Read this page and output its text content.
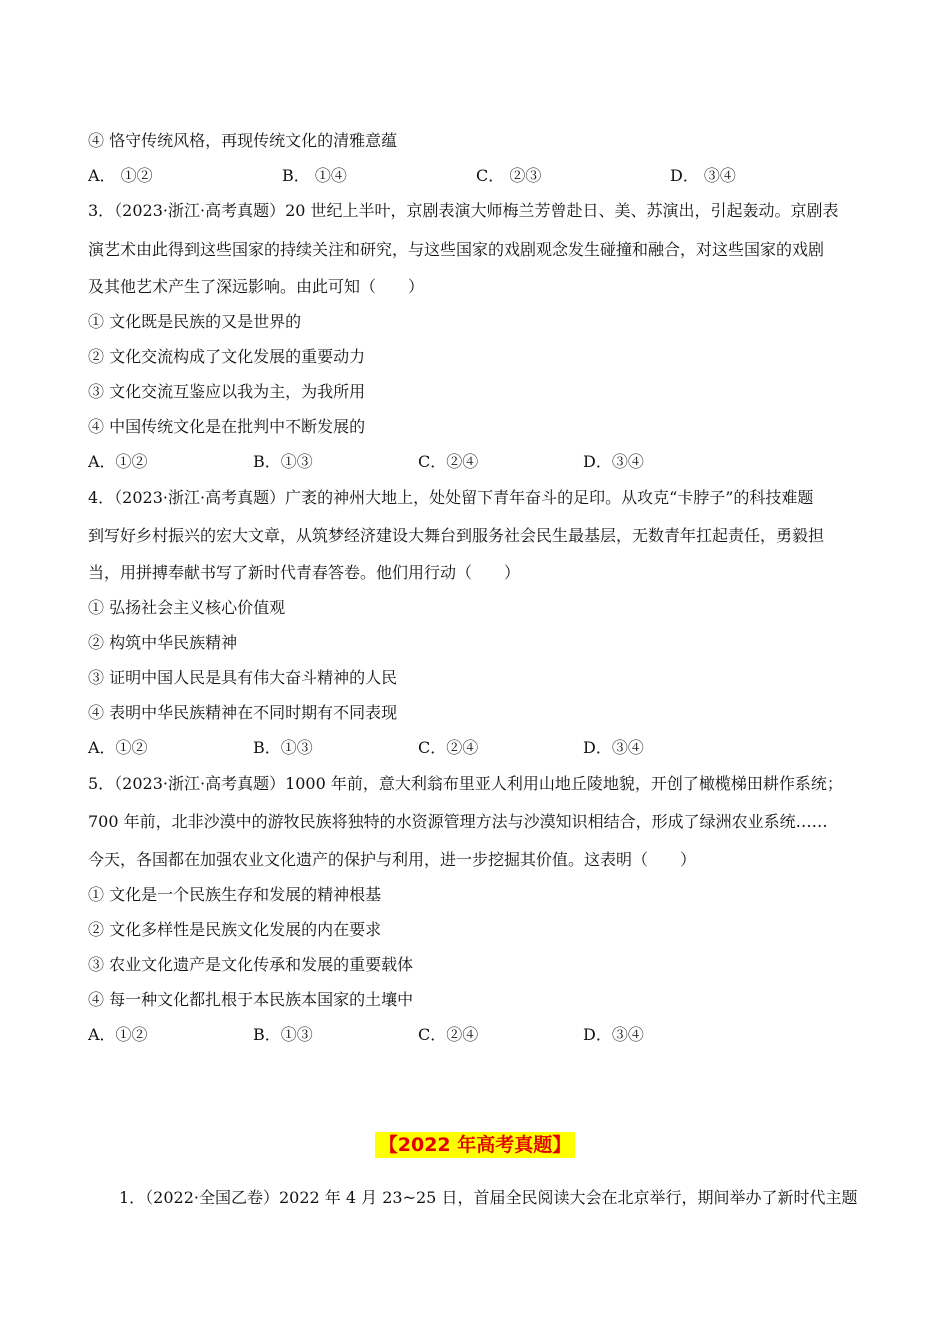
④ 恪守传统风格，再现传统文化的清雅意蕴
A． ①②	B． ①④	C． ②③	D． ③④
3．（2023·浙江·高考真题）20 世纪上半叶，京剧表演大师梅兰芳曾赴日、美、苏演出，引起轰动。京剧表
演艺术由此得到这些国家的持续关注和研究，与这些国家的戏剧观念发生碰撞和融合，对这些国家的戏剧
及其他艺术产生了深远影响。由此可知（　　）
① 文化既是民族的又是世界的
② 文化交流构成了文化发展的重要动力
③ 文化交流互鉴应以我为主，为我所用
④ 中国传统文化是在批判中不断发展的
A．①②	B．①③	C．②④	D．③④
4．（2023·浙江·高考真题）广袤的神州大地上，处处留下青年奋斗的足印。从攻克“卡脖子”的科技难题
到写好乡村振兴的宏大文章，从筑梦经济建设大舞台到服务社会民生最基层，无数青年扛起责任，勇毅担
当，用拼搏奉献书写了新时代青春答卷。他们用行动（　　）
① 弘扬社会主义核心价值观
② 构筑中华民族精神
③ 证明中国人民是具有伟大奋斗精神的人民
④ 表明中华民族精神在不同时期有不同表现
A．①②	B．①③	C．②④	D．③④
5．（2023·浙江·高考真题）1000 年前，意大利翁布里亚人利用山地丘陵地貌，开创了橄榄梯田耕作系统；
700 年前，北非沙漠中的游牧民族将独特的水资源管理方法与沙漠知识相结合，形成了绿洲农业系统……
今天，各国都在加强农业文化遗产的保护与利用，进一步挖掘其价值。这表明（　　）
① 文化是一个民族生存和发展的精神根基
② 文化多样性是民族文化发展的内在要求
③ 农业文化遗产是文化传承和发展的重要载体
④ 每一种文化都扎根于本民族本国家的土壤中
A．①②	B．①③	C．②④	D．③④
【2022 年高考真题】
1．（2022·全国乙卷）2022 年 4 月 23~25 日，首届全民阅读大会在北京举行，期间举办了新时代主题
